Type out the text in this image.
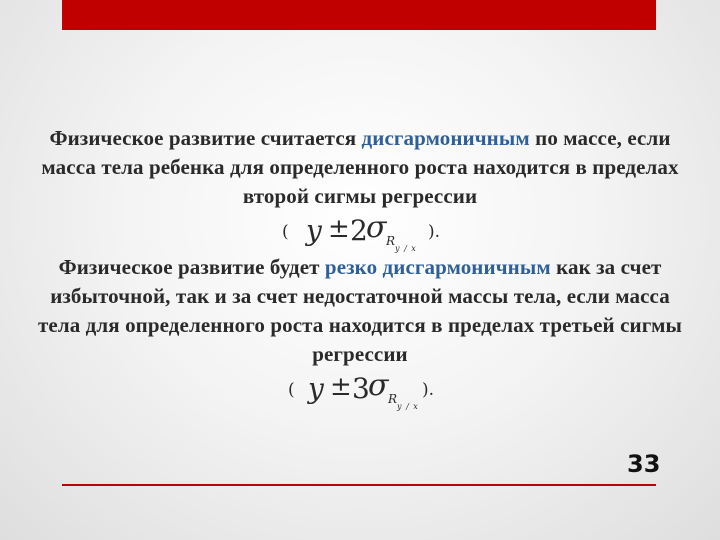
Физическое развитие считается дисгармоничным по массе, если масса тела ребенка для определенного роста находится в пределах второй сигмы регрессии
( y ± 2
σ R
y / x
).
Физическое развитие будет резко дисгармоничным как за счет избыточной, так и за счет недостаточной массы тела, если масса тела для определенного роста находится в пределах третьей сигмы регрессии
( y ± 3
σ R
y / x
).
33
